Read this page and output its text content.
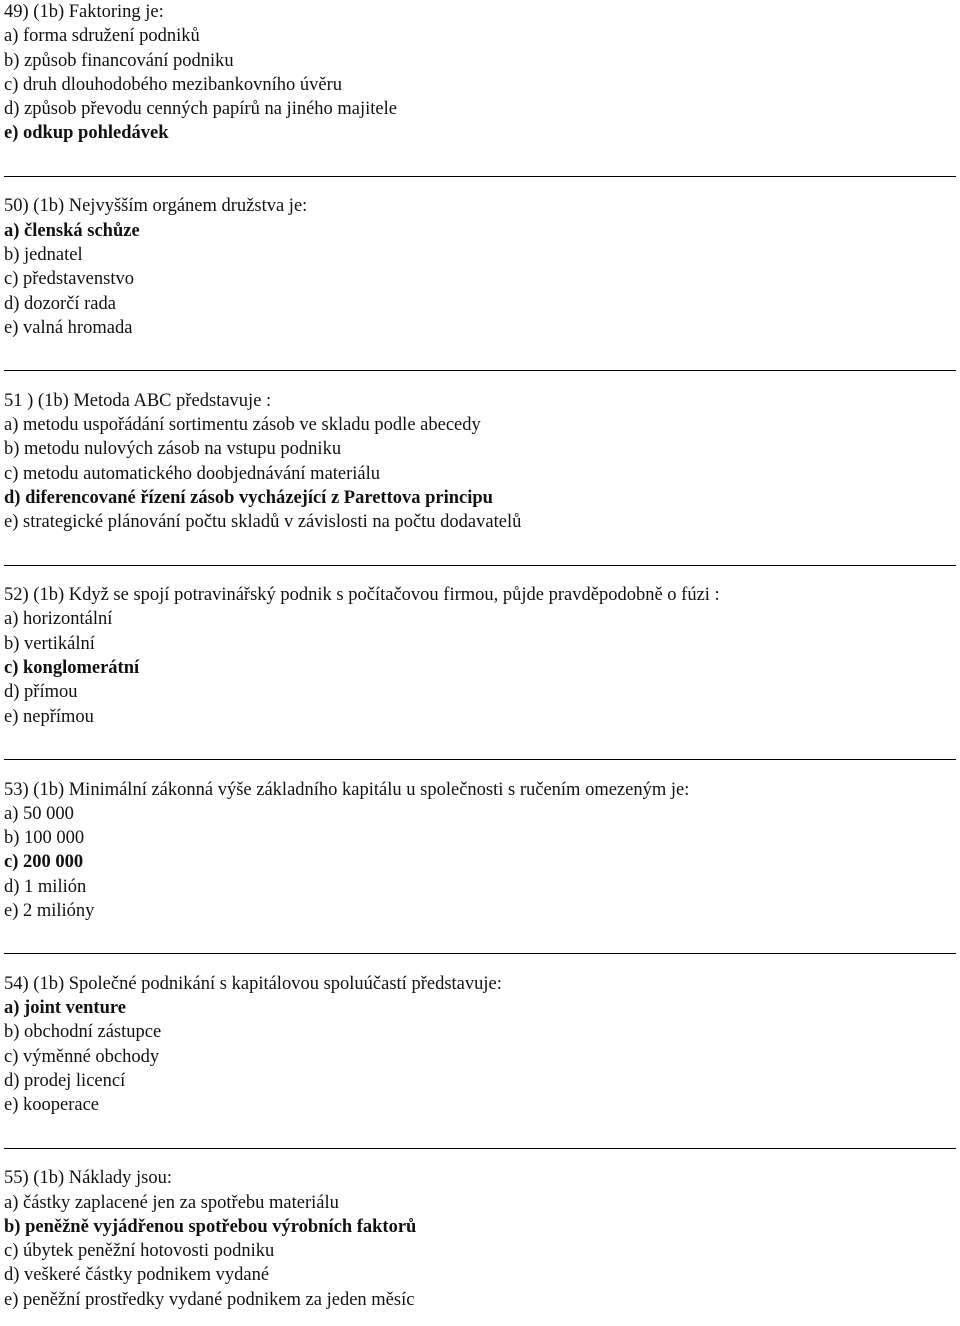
49) (1b) Faktoring je:
a) forma sdružení podniků
b) způsob financování podniku
c) druh dlouhodobého mezibankovního úvěru
d) způsob převodu cenných papírů na jiného majitele
e) odkup pohledávek
50) (1b) Nejvyšším orgánem družstva je:
a) členská schůze
b) jednatel
c) představenstvo
d) dozorčí rada
e) valná hromada
51 ) (1b) Metoda ABC představuje :
a) metodu uspořádání sortimentu zásob ve skladu podle abecedy
b) metodu nulových zásob na vstupu podniku
c) metodu automatického doobjednávání materiálu
d) diferencované řízení zásob vycházející z Parettova principu
e) strategické plánování počtu skladů v závislosti na počtu dodavatelů
52) (1b) Když se spojí potravinářský podnik s počítačovou firmou, půjde pravděpodobně o fúzi :
a) horizontální
b) vertikální
c) konglomerátní
d) přímou
e) nepřímou
53) (1b) Minimální zákonná výše základního kapitálu u společnosti s ručením omezeným je:
a) 50 000
b) 100 000
c) 200 000
d) 1 milión
e) 2 milióny
54) (1b) Společné podnikání s kapitálovou spoluúčastí představuje:
a) joint venture
b) obchodní zástupce
c) výměnné obchody
d) prodej licencí
e) kooperace
55) (1b) Náklady jsou:
a) částky zaplacené jen za spotřebu materiálu
b) peněžně vyjádřenou spotřebou výrobních faktorů
c) úbytek peněžní hotovosti podniku
d) veškeré částky podnikem vydané
e) peněžní prostředky vydané podnikem za jeden měsíc
